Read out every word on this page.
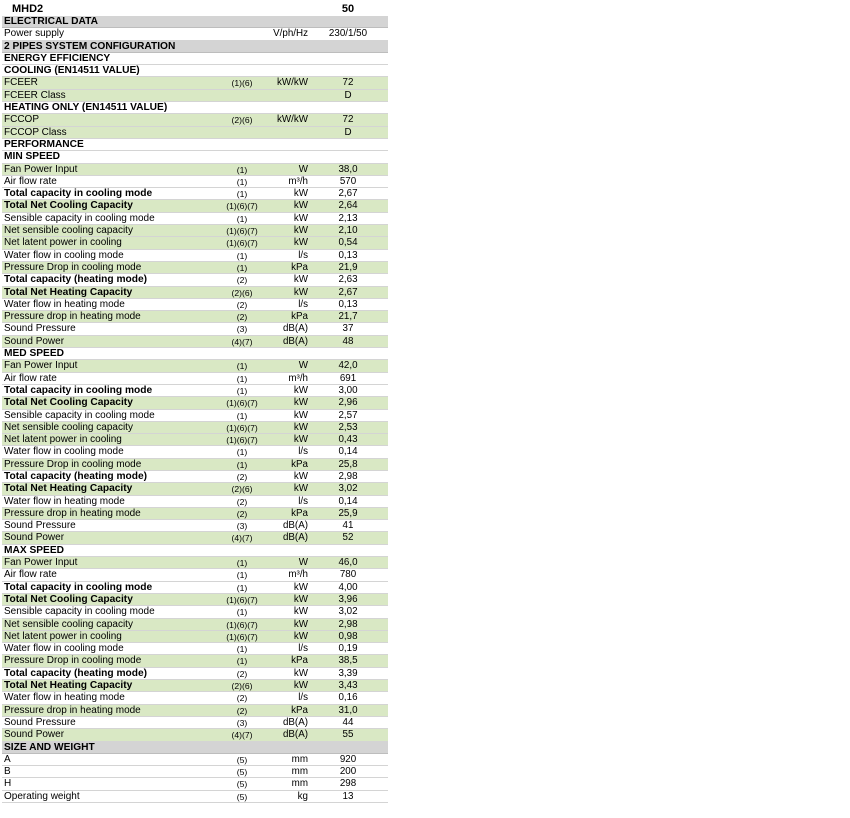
MHD2	50
ELECTRICAL DATA
Power supply	V/ph/Hz	230/1/50
2 PIPES SYSTEM CONFIGURATION
ENERGY EFFICIENCY
COOLING (EN14511 VALUE)
FCEER	(1)(6)	kW/kW	72
FCEER Class	D
HEATING ONLY (EN14511 VALUE)
FCCOP	(2)(6)	kW/kW	72
FCCOP Class	D
PERFORMANCE
MIN SPEED
Fan Power Input	(1)	W	38,0
Air flow rate	(1)	m³/h	570
Total capacity in cooling mode	(1)	kW	2,67
Total Net Cooling Capacity	(1)(6)(7)	kW	2,64
Sensible capacity in cooling mode	(1)	kW	2,13
Net sensible cooling capacity	(1)(6)(7)	kW	2,10
Net latent power in cooling	(1)(6)(7)	kW	0,54
Water flow in cooling mode	(1)	l/s	0,13
Pressure Drop in cooling mode	(1)	kPa	21,9
Total capacity (heating mode)	(2)	kW	2,63
Total Net Heating Capacity	(2)(6)	kW	2,67
Water flow in heating mode	(2)	l/s	0,13
Pressure drop in heating mode	(2)	kPa	21,7
Sound Pressure	(3)	dB(A)	37
Sound Power	(4)(7)	dB(A)	48
MED SPEED
Fan Power Input	(1)	W	42,0
Air flow rate	(1)	m³/h	691
Total capacity in cooling mode	(1)	kW	3,00
Total Net Cooling Capacity	(1)(6)(7)	kW	2,96
Sensible capacity in cooling mode	(1)	kW	2,57
Net sensible cooling capacity	(1)(6)(7)	kW	2,53
Net latent power in cooling	(1)(6)(7)	kW	0,43
Water flow in cooling mode	(1)	l/s	0,14
Pressure Drop in cooling mode	(1)	kPa	25,8
Total capacity (heating mode)	(2)	kW	2,98
Total Net Heating Capacity	(2)(6)	kW	3,02
Water flow in heating mode	(2)	l/s	0,14
Pressure drop in heating mode	(2)	kPa	25,9
Sound Pressure	(3)	dB(A)	41
Sound Power	(4)(7)	dB(A)	52
MAX SPEED
Fan Power Input	(1)	W	46,0
Air flow rate	(1)	m³/h	780
Total capacity in cooling mode	(1)	kW	4,00
Total Net Cooling Capacity	(1)(6)(7)	kW	3,96
Sensible capacity in cooling mode	(1)	kW	3,02
Net sensible cooling capacity	(1)(6)(7)	kW	2,98
Net latent power in cooling	(1)(6)(7)	kW	0,98
Water flow in cooling mode	(1)	l/s	0,19
Pressure Drop in cooling mode	(1)	kPa	38,5
Total capacity (heating mode)	(2)	kW	3,39
Total Net Heating Capacity	(2)(6)	kW	3,43
Water flow in heating mode	(2)	l/s	0,16
Pressure drop in heating mode	(2)	kPa	31,0
Sound Pressure	(3)	dB(A)	44
Sound Power	(4)(7)	dB(A)	55
SIZE AND WEIGHT
A	(5)	mm	920
B	(5)	mm	200
H	(5)	mm	298
Operating weight	(5)	kg	13
